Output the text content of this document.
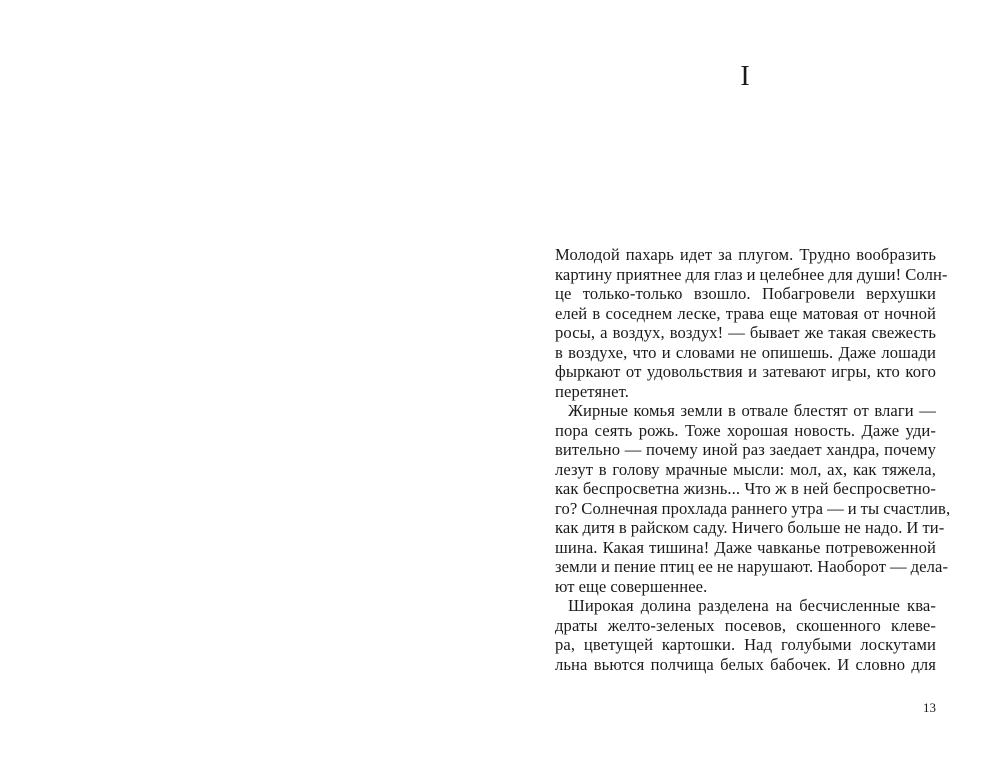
I
Молодой пахарь идет за плугом. Трудно вообразить
картину приятнее для глаз и целебнее для души! Солн-
це только-только взошло. Побагровели верхушки
елей в соседнем леске, трава еще матовая от ночной
росы, а воздух, воздух! — бывает же такая свежесть
в воздухе, что и словами не опишешь. Даже лошади
фыркают от удовольствия и затевают игры, кто кого
перетянет.
Жирные комья земли в отвале блестят от влаги —
пора сеять рожь. Тоже хорошая новость. Даже уди-
вительно — почему иной раз заедает хандра, почему
лезут в голову мрачные мысли: мол, ах, как тяжела,
как беспросветна жизнь... Что ж в ней беспросветно-
го? Солнечная прохлада раннего утра — и ты счастлив,
как дитя в райском саду. Ничего больше не надо. И ти-
шина. Какая тишина! Даже чавканье потревоженной
земли и пение птиц ее не нарушают. Наоборот — дела-
ют еще совершеннее.
Широкая долина разделена на бесчисленные ква-
драты желто-зеленых посевов, скошенного клеве-
ра, цветущей картошки. Над голубыми лоскутами
льна вьются полчища белых бабочек. И словно для
13
